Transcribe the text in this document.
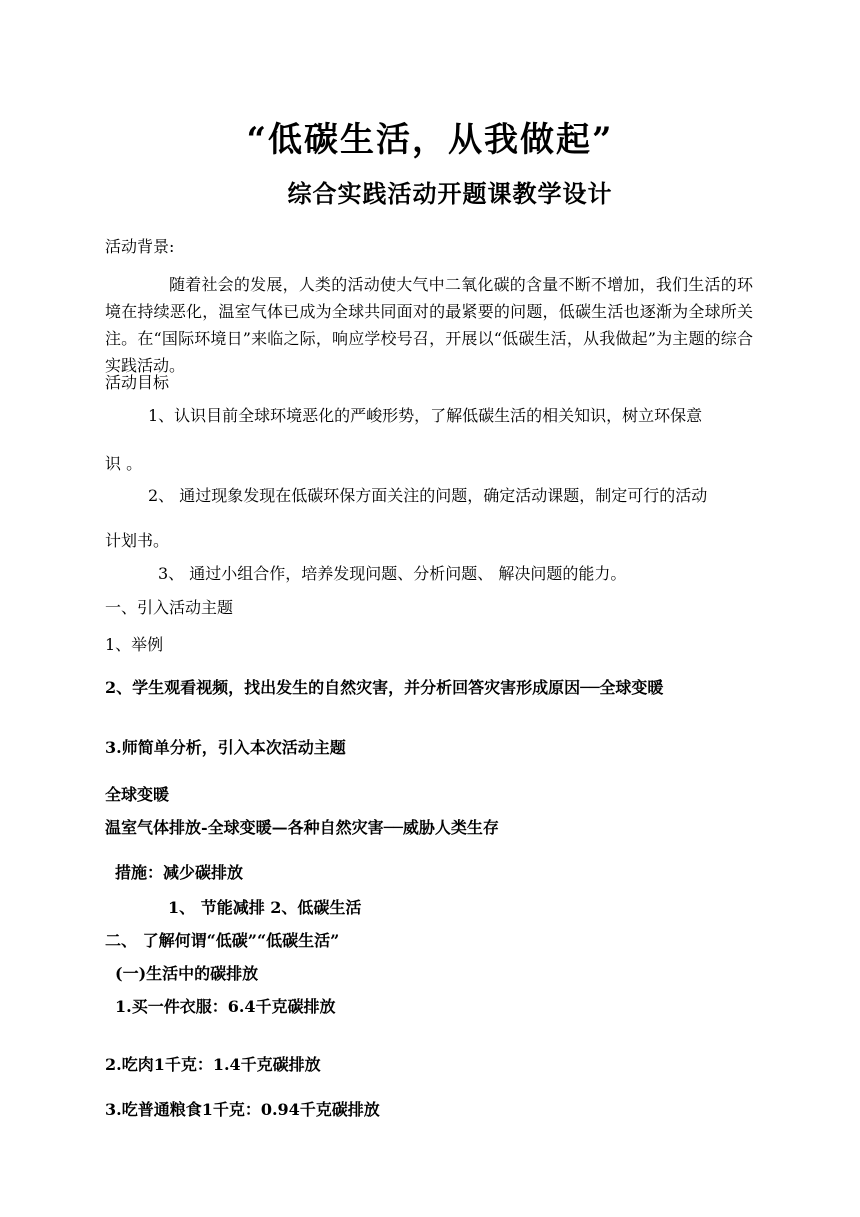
“低碳生活，从我做起”
综合实践活动开题课教学设计
活动背景:
随着社会的发展，人类的活动使大气中二氧化碳的含量不断不增加，我们生活的环境在持续恶化，温室气体已成为全球共同面对的最紧要的问题，低碳生活也逐渐为全球所关注。在“国际环境日”来临之际，响应学校号召，开展以“低碳生活，从我做起”为主题的综合实践活动。
活动目标
1、认识目前全球环境恶化的严峻形势，了解低碳生活的相关知识，树立环保意
识 。
2、 通过现象发现在低碳环保方面关注的问题，确定活动课题，制定可行的活动
计划书。
3、 通过小组合作，培养发现问题、分析问题、 解决问题的能力。
一、引入活动主题
1、举例
2、学生观看视频，找出发生的自然灾害，并分析回答灾害形成原因──全球变暖
3.师简单分析，引入本次活动主题
全球变暖
温室气体排放-全球变暖—各种自然灾害──威胁人类生存
措施：减少碳排放
1、 节能减排 2、低碳生活
二、 了解何谓“低碳”“低碳生活”
(一)生活中的碳排放
1.买一件衣服：6.4千克碳排放
2.吃肉1千克：1.4千克碳排放
3.吃普通粮食1千克：0.94千克碳排放
